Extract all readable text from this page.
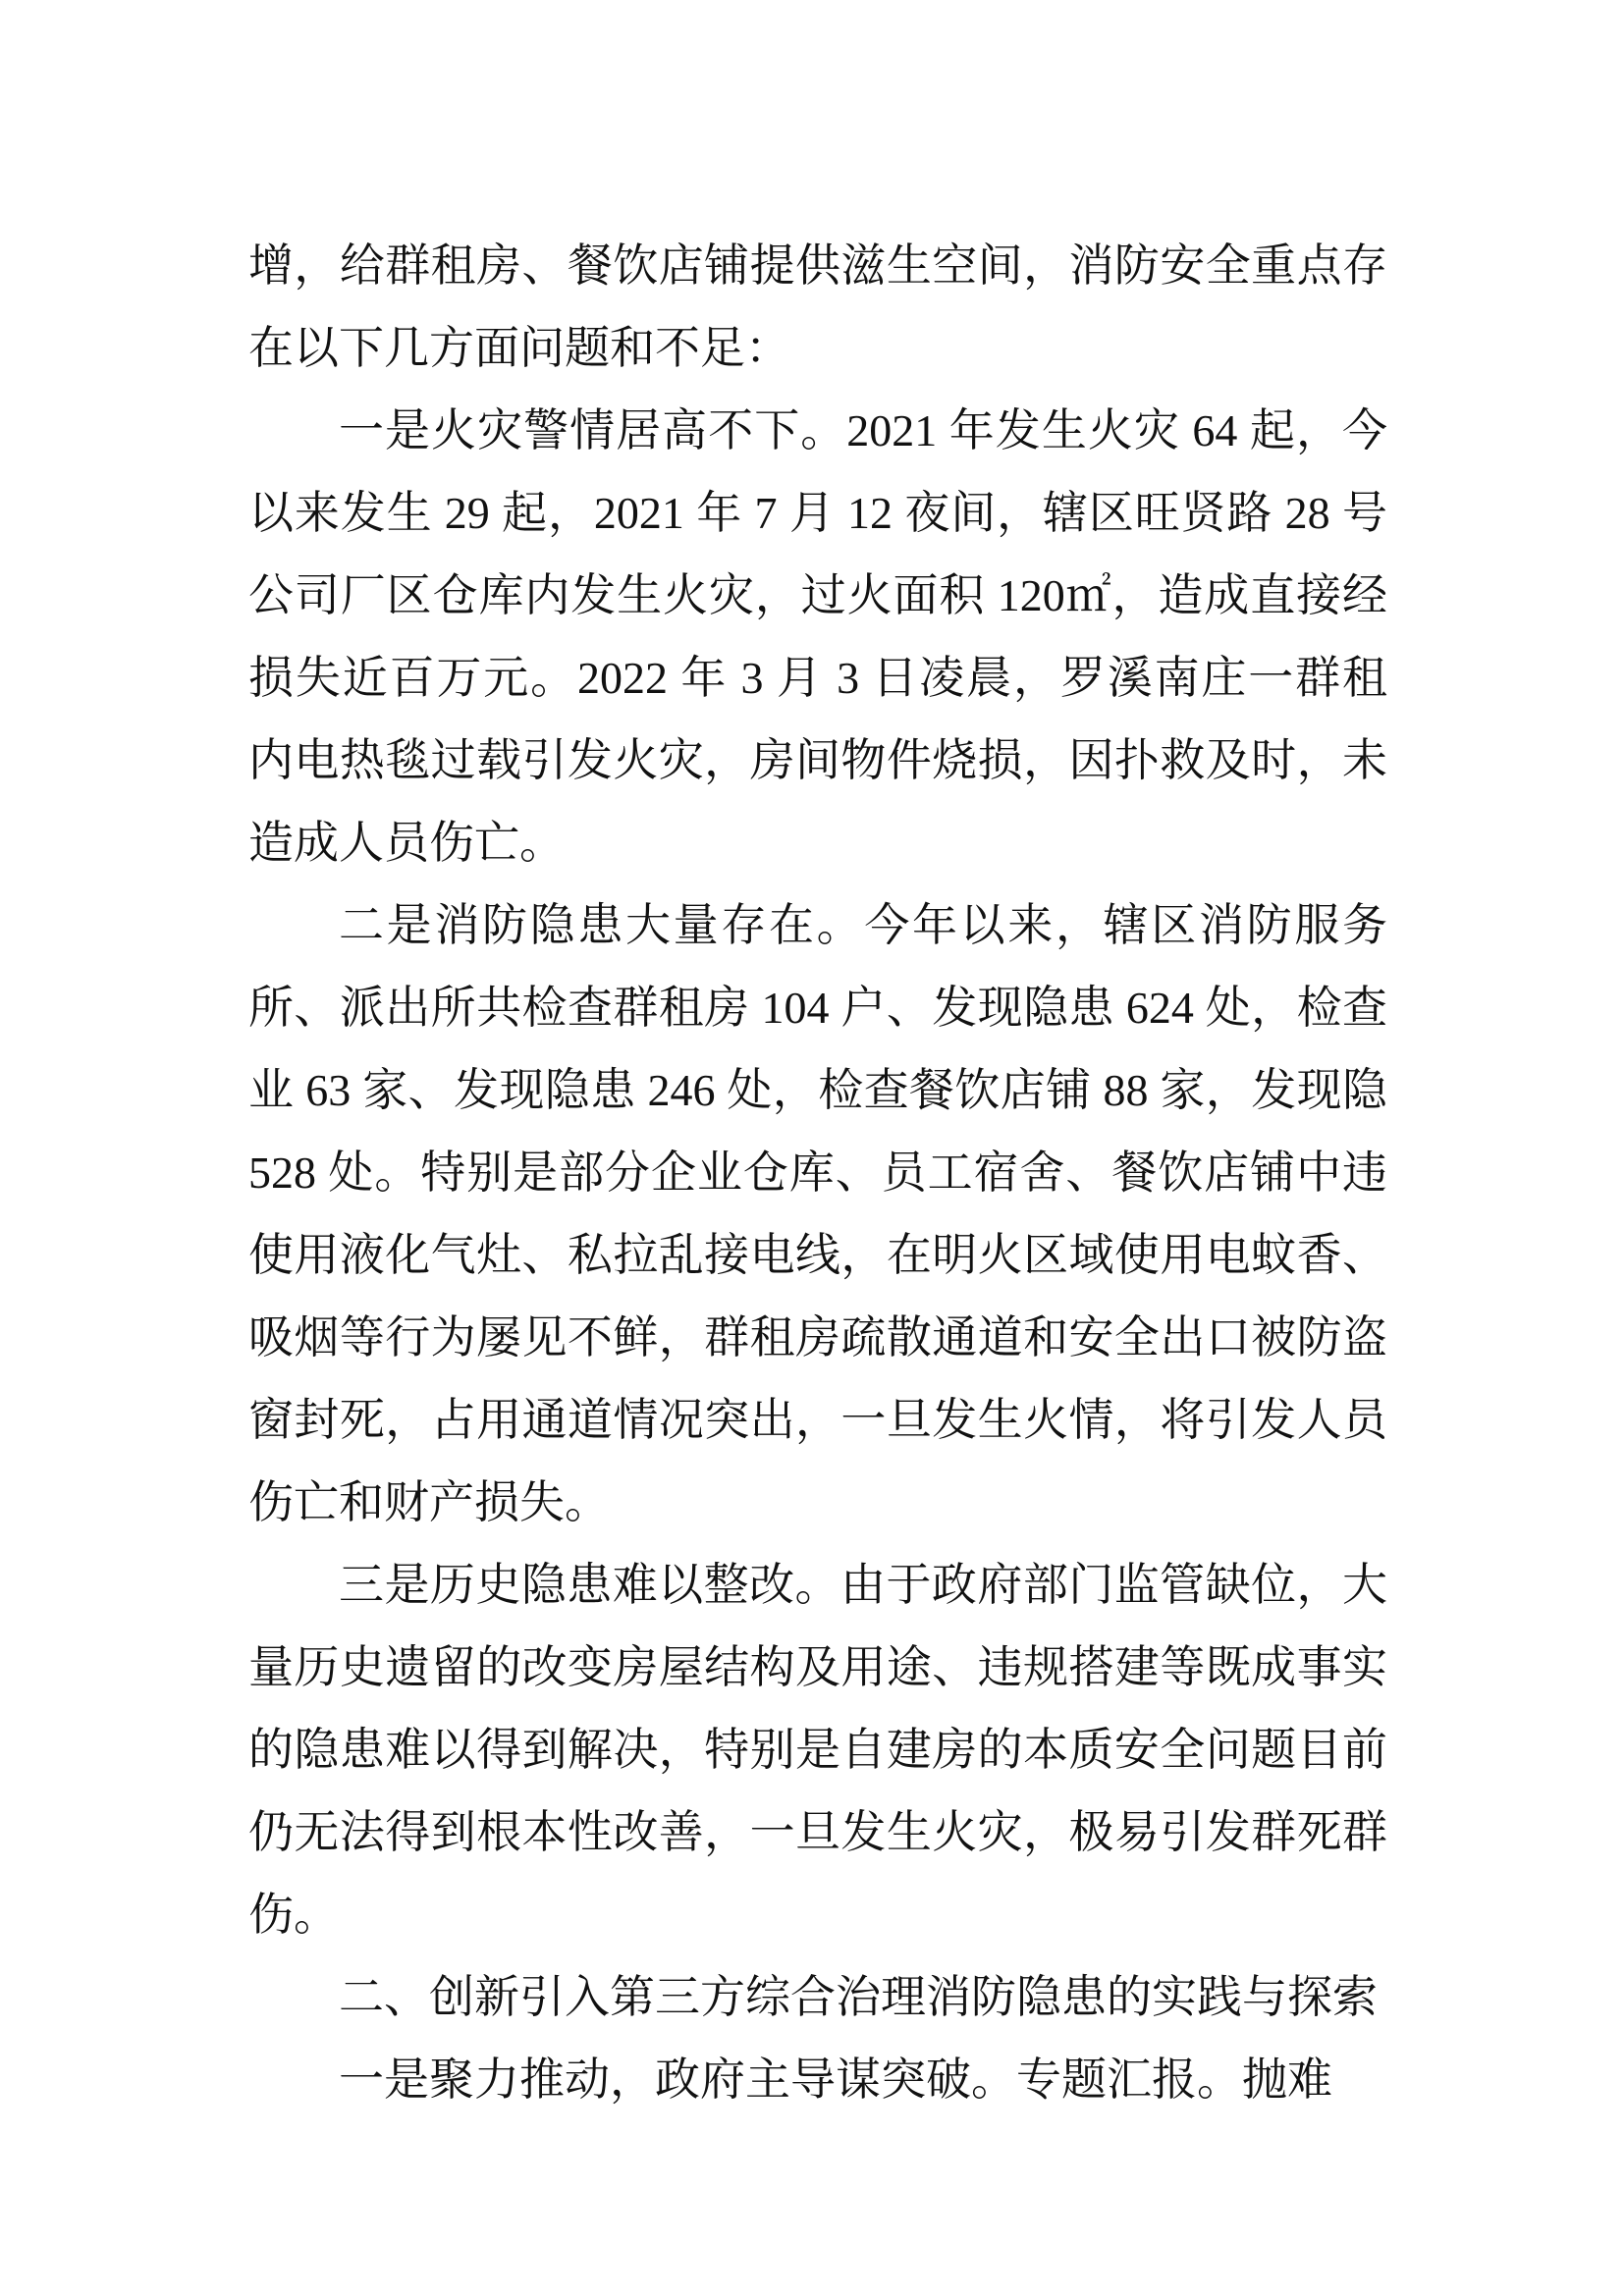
增，给群租房、餐饮店铺提供滋生空间，消防安全重点存
在以下几方面问题和不足：
一是火灾警情居高不下。2021 年发生火灾 64 起，今
以来发生 29 起，2021 年 7 月 12 夜间，辖区旺贤路 28 号
公司厂区仓库内发生火灾，过火面积 120㎡，造成直接经
损失近百万元。2022 年 3 月 3 日凌晨，罗溪南庄一群租
内电热毯过载引发火灾，房间物件烧损，因扑救及时，未
造成人员伤亡。
二是消防隐患大量存在。今年以来，辖区消防服务
所、派出所共检查群租房 104 户、发现隐患 624 处，检查
业 63 家、发现隐患 246 处，检查餐饮店铺 88 家，发现隐
528 处。特别是部分企业仓库、员工宿舍、餐饮店铺中违
使用液化气灶、私拉乱接电线，在明火区域使用电蚊香、
吸烟等行为屡见不鲜，群租房疏散通道和安全出口被防盗
窗封死，占用通道情况突出，一旦发生火情，将引发人员
伤亡和财产损失。
三是历史隐患难以整改。由于政府部门监管缺位，大
量历史遗留的改变房屋结构及用途、违规搭建等既成事实
的隐患难以得到解决，特别是自建房的本质安全问题目前
仍无法得到根本性改善，一旦发生火灾，极易引发群死群
伤。
二、创新引入第三方综合治理消防隐患的实践与探索
一是聚力推动，政府主导谋突破。专题汇报。抛难
